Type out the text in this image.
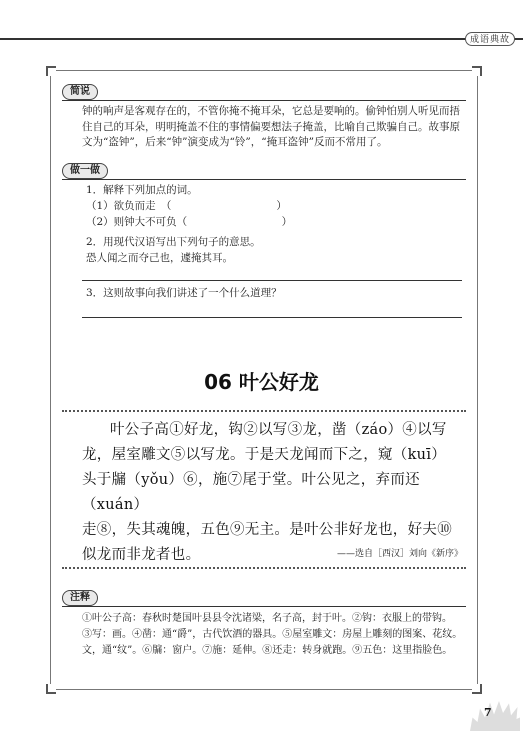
成语典故
简说
钟的响声是客观存在的，不管你掩不掩耳朵，它总是要响的。偷钟怕别人听见而捂住自己的耳朵，明明掩盖不住的事情偏要想法子掩盖，比喻自己欺骗自己。故事原文为“盗钟”，后来“钟”演变成为“铃”，“掩耳盗钟”反而不常用了。
做一做
1．解释下列加点的词。
（1）欲负而走　（　　　　　　　　　　）
（2）则钟大不可负（　　　　　　　　　）
2．用现代汉语写出下列句子的意思。
恐人闻之而夺己也，遽掩其耳。
3．这则故事向我们讲述了一个什么道理？
06 叶公好龙
叶公子高①好龙，钩②以写③龙，凿（záo）④以写
龙，屋室雕文⑤以写龙。于是天龙闻而下之，窥（kuī）
头于牖（yǒu）⑥，施⑦尾于堂。叶公见之，弃而还（xuán）
走⑧，失其魂魄，五色⑨无主。是叶公非好龙也，好夫⑩
似龙而非龙者也。	——选自［西汉］刘向《新序》
注释
①叶公子高：春秋时楚国叶县县令沈诸梁，名子高，封于叶。②钩：衣服上的带钩。
③写：画。④凿：通“爵”，古代饮酒的器具。⑤屋室雕文：房屋上雕刻的图案、花纹。
文，通“纹”。⑥牖：窗户。⑦施：延伸。⑧还走：转身就跑。⑨五色：这里指脸色。
7
